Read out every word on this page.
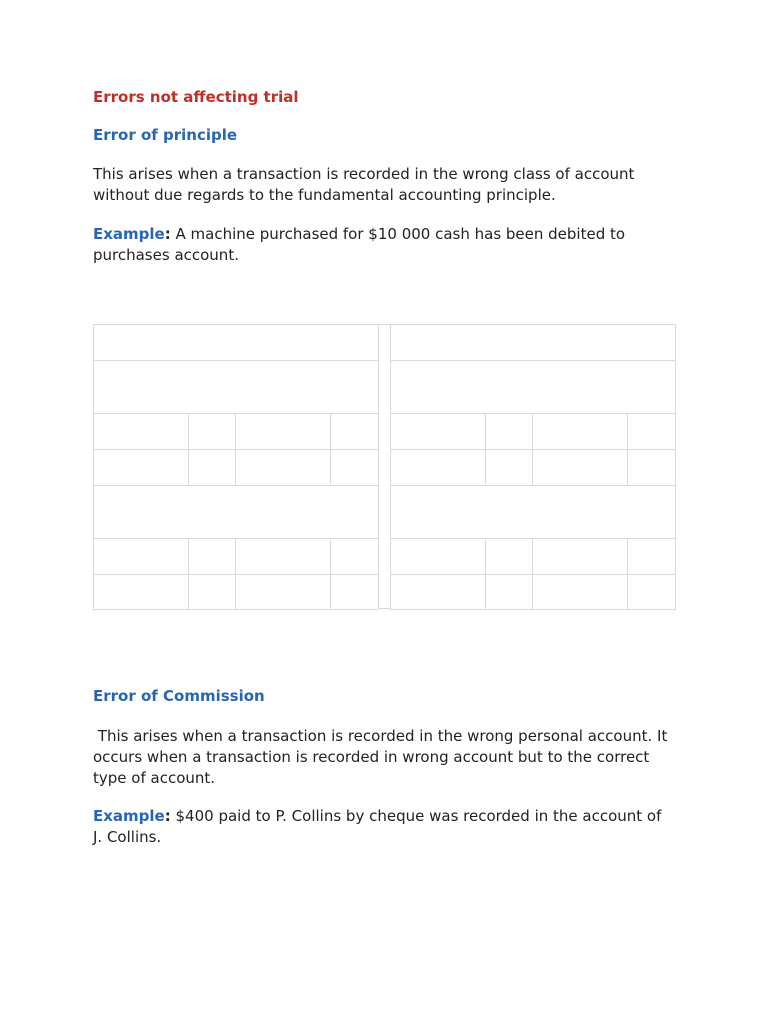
Errors not affecting trial
Error of principle
This arises when a transaction is recorded in the wrong class of account without due regards to the fundamental accounting principle.
Example: A machine purchased for $10 000 cash has been debited to purchases account.
Error of Commission
This arises when a transaction is recorded in the wrong personal account. It occurs when a transaction is recorded in wrong account but to the correct type of account.
Example: $400 paid to P. Collins by cheque was recorded in the account of J. Collins.
